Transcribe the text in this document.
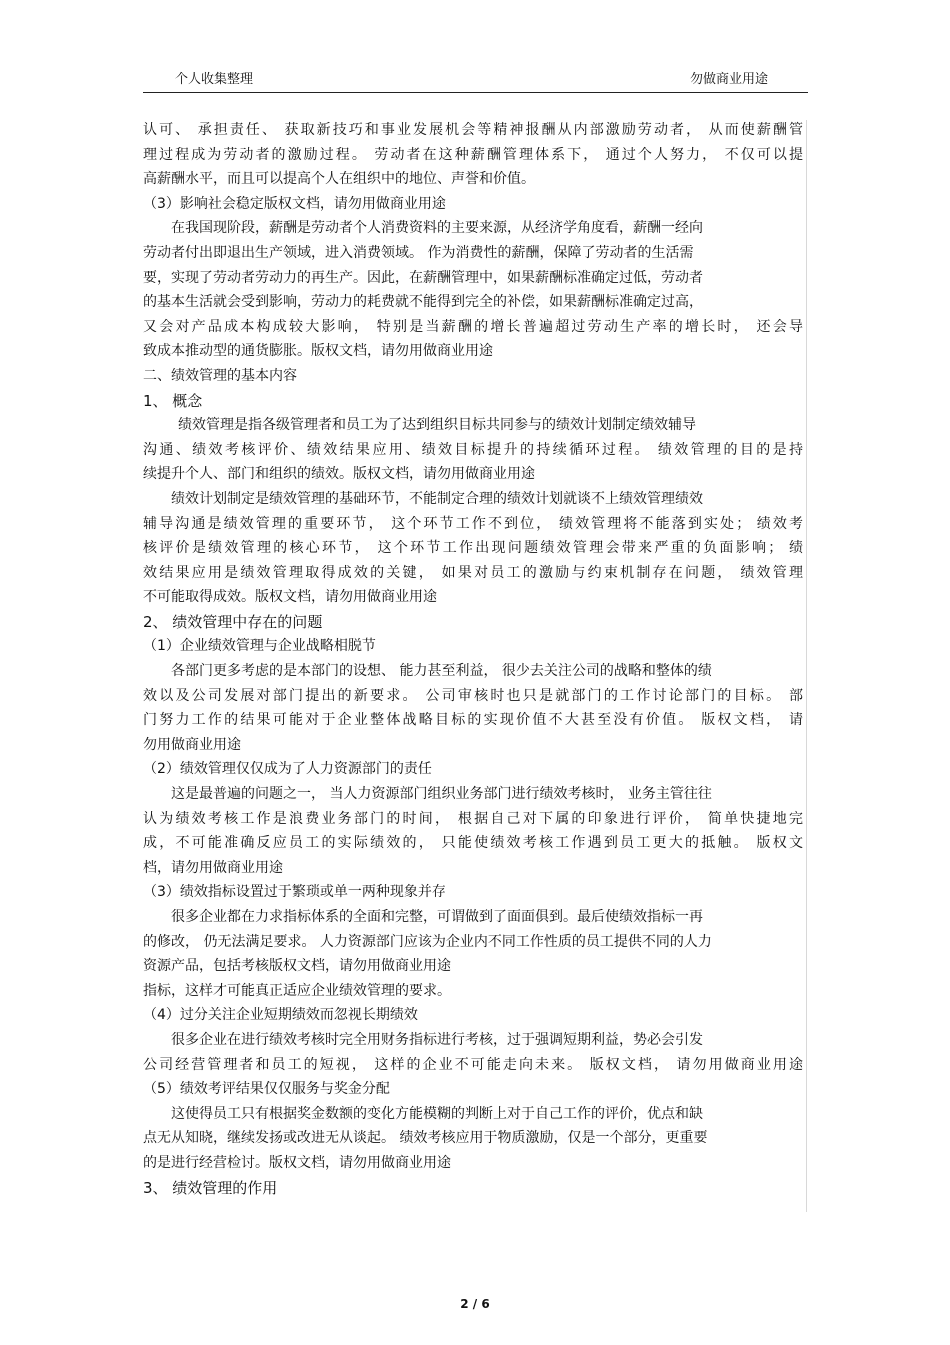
个人收集整理	勿做商业用途
认可、 承担责任、 获取新技巧和事业发展机会等精神报酬从内部激励劳动者， 从而使薪酬管
理过程成为劳动者的激励过程。 劳动者在这种薪酬管理体系下， 通过个人努力， 不仅可以提
高薪酬水平，而且可以提高个人在组织中的地位、声誉和价值。
（3）影响社会稳定版权文档，请勿用做商业用途
在我国现阶段，薪酬是劳动者个人消费资料的主要来源，从经济学角度看，薪酬一经向
劳动者付出即退出生产领域，进入消费领域。 作为消费性的薪酬，保障了劳动者的生活需
要，实现了劳动者劳动力的再生产。因此，在薪酬管理中，如果薪酬标准确定过低，劳动者
的基本生活就会受到影响，劳动力的耗费就不能得到完全的补偿，如果薪酬标准确定过高，
又会对产品成本构成较大影响， 特别是当薪酬的增长普遍超过劳动生产率的增长时， 还会导
致成本推动型的通货膨胀。版权文档，请勿用做商业用途
二、绩效管理的基本内容
1、 概念
绩效管理是指各级管理者和员工为了达到组织目标共同参与的绩效计划制定绩效辅导
沟通、绩效考核评价、绩效结果应用、绩效目标提升的持续循环过程。 绩效管理的目的是持
续提升个人、部门和组织的绩效。版权文档，请勿用做商业用途
绩效计划制定是绩效管理的基础环节，不能制定合理的绩效计划就谈不上绩效管理绩效
辅导沟通是绩效管理的重要环节， 这个环节工作不到位， 绩效管理将不能落到实处； 绩效考
核评价是绩效管理的核心环节， 这个环节工作出现问题绩效管理会带来严重的负面影响； 绩
效结果应用是绩效管理取得成效的关键， 如果对员工的激励与约束机制存在问题， 绩效管理
不可能取得成效。版权文档，请勿用做商业用途
2、 绩效管理中存在的问题
（1）企业绩效管理与企业战略相脱节
各部门更多考虑的是本部门的设想、 能力甚至利益， 很少去关注公司的战略和整体的绩
效以及公司发展对部门提出的新要求。 公司审核时也只是就部门的工作讨论部门的目标。 部
门努力工作的结果可能对于企业整体战略目标的实现价值不大甚至没有价值。 版权文档， 请
勿用做商业用途
（2）绩效管理仅仅成为了人力资源部门的责任
这是最普遍的问题之一， 当人力资源部门组织业务部门进行绩效考核时， 业务主管往往
认为绩效考核工作是浪费业务部门的时间， 根据自己对下属的印象进行评价， 简单快捷地完
成，不可能准确反应员工的实际绩效的， 只能使绩效考核工作遇到员工更大的抵触。 版权文
档，请勿用做商业用途
（3）绩效指标设置过于繁琐或单一两种现象并存
很多企业都在力求指标体系的全面和完整，可谓做到了面面俱到。最后使绩效指标一再
的修改， 仍无法满足要求。 人力资源部门应该为企业内不同工作性质的员工提供不同的人力
资源产品，包括考核版权文档，请勿用做商业用途
指标，这样才可能真正适应企业绩效管理的要求。
（4）过分关注企业短期绩效而忽视长期绩效
很多企业在进行绩效考核时完全用财务指标进行考核，过于强调短期利益，势必会引发
公司经营管理者和员工的短视， 这样的企业不可能走向未来。 版权文档， 请勿用做商业用途
（5）绩效考评结果仅仅服务与奖金分配
这使得员工只有根据奖金数额的变化方能模糊的判断上对于自己工作的评价，优点和缺
点无从知晓，继续发扬或改进无从谈起。 绩效考核应用于物质激励，仅是一个部分，更重要
的是进行经营检讨。版权文档，请勿用做商业用途
3、 绩效管理的作用
2 / 6
